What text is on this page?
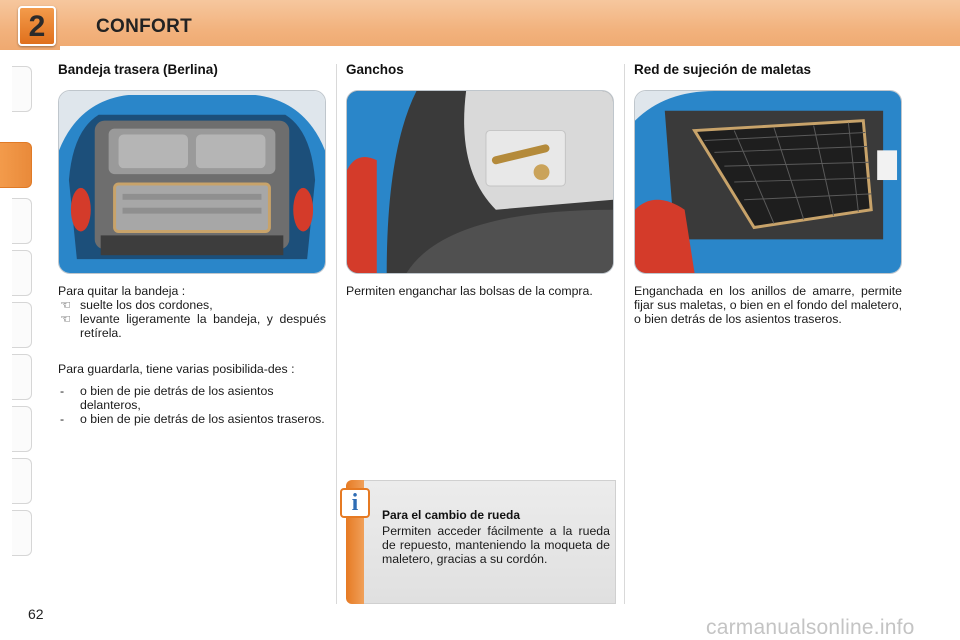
2	CONFORT
Bandeja trasera (Berlina)

Para quitar la bandeja :

☜ suelte los dos cordones,
☜ levante ligeramente la bandeja, y después retírela.

Para guardarla, tiene varias posibilida-des :

- o bien de pie detrás de los asientos delanteros,
- o bien de pie detrás de los asientos traseros.
Ganchos
Permiten enganchar las bolsas de la compra.
Red de sujeción de maletas
Enganchada en los anillos de amarre, permite fijar sus maletas, o bien en el fondo del maletero, o bien detrás de los asientos traseros.
i	Para el cambio de rueda
Permiten acceder fácilmente a la rueda de repuesto, manteniendo la moqueta de maletero, gracias a su cordón.
62
carmanualsonline.info
